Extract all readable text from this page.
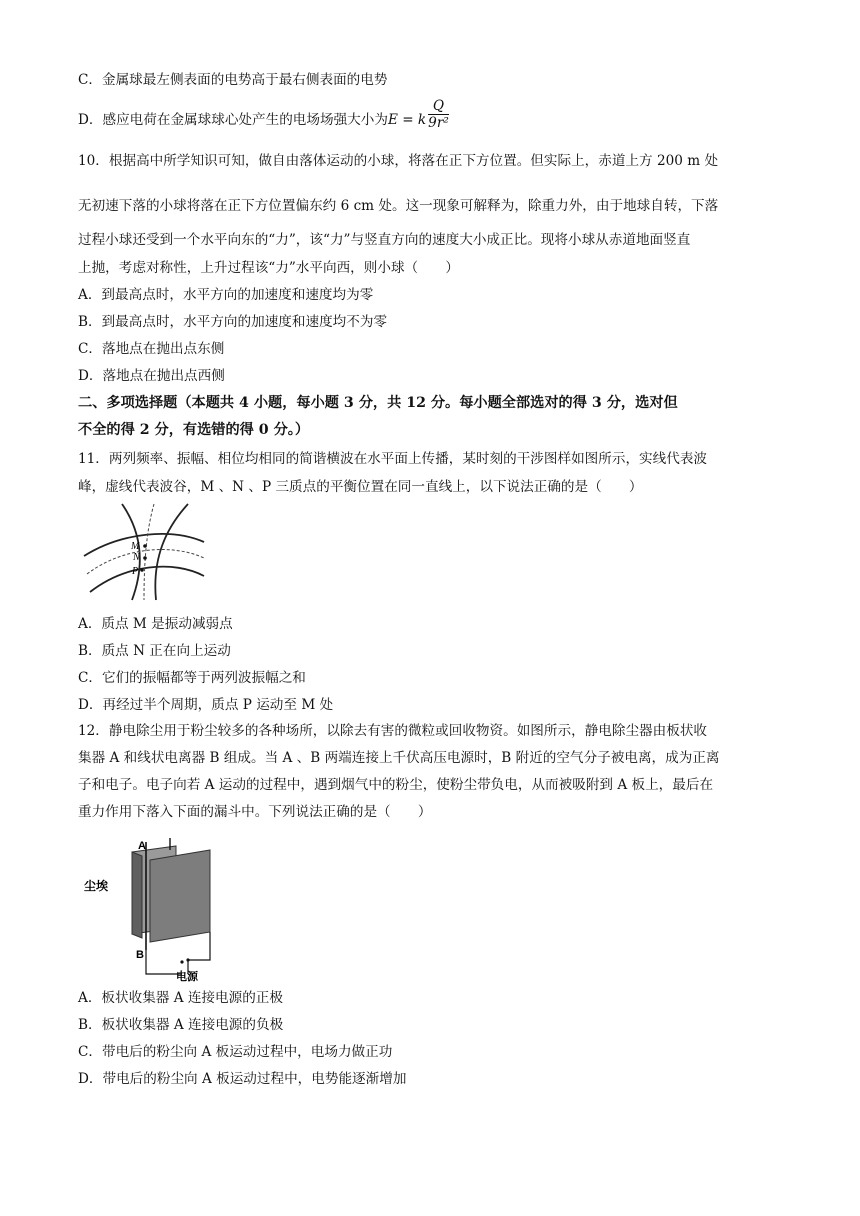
C．金属球最左侧表面的电势高于最右侧表面的电势
D．感应电荷在金属球球心处产生的电场场强大小为E = k $\frac{Q}{\text{9r²}}$
10．根据高中所学知识可知，做自由落体运动的小球，将落在正下方位置。但实际上，赤道上方 200 m 处
无初速下落的小球将落在正下方位置偏东约 6 cm 处。这一现象可解释为，除重力外，由于地球自转，下落
过程小球还受到一个水平向东的“力”，该“力”与竖直方向的速度大小成正比。现将小球从赤道地面竖直
上抛，考虑对称性，上升过程该“力”水平向西，则小球（　　）
A．到最高点时，水平方向的加速度和速度均为零
B．到最高点时，水平方向的加速度和速度均不为零
C．落地点在抛出点东侧
D．落地点在抛出点西侧
二、多项选择题（本题共 4 小题，每小题 3 分，共 12 分。每小题全部选对的得 3 分，选对但
不全的得 2 分，有选错的得 0 分。）
11．两列频率、振幅、相位均相同的简谐横波在水平面上传播，某时刻的干涉图样如图所示，实线代表波
峰，虚线代表波谷，M 、N 、P 三质点的平衡位置在同一直线上，以下说法正确的是（　　）
M
N
P
A．质点 M 是振动减弱点
B．质点 N 正在向上运动
C．它们的振幅都等于两列波振幅之和
D．再经过半个周期，质点 P 运动至 M 处
12．静电除尘用于粉尘较多的各种场所，以除去有害的微粒或回收物资。如图所示，静电除尘器由板状收
集器 A 和线状电离器 B 组成。当 A 、B 两端连接上千伏高压电源时，B 附近的空气分子被电离，成为正离
子和电子。电子向若 A 运动的过程中，遇到烟气中的粉尘，使粉尘带负电，从而被吸附到 A 板上，最后在
重力作用下落入下面的漏斗中。下列说法正确的是（　　）
A
B
尘埃
电源
A．板状收集器 A 连接电源的正极
B．板状收集器 A 连接电源的负极
C．带电后的粉尘向 A 板运动过程中，电场力做正功
D．带电后的粉尘向 A 板运动过程中，电势能逐渐增加
